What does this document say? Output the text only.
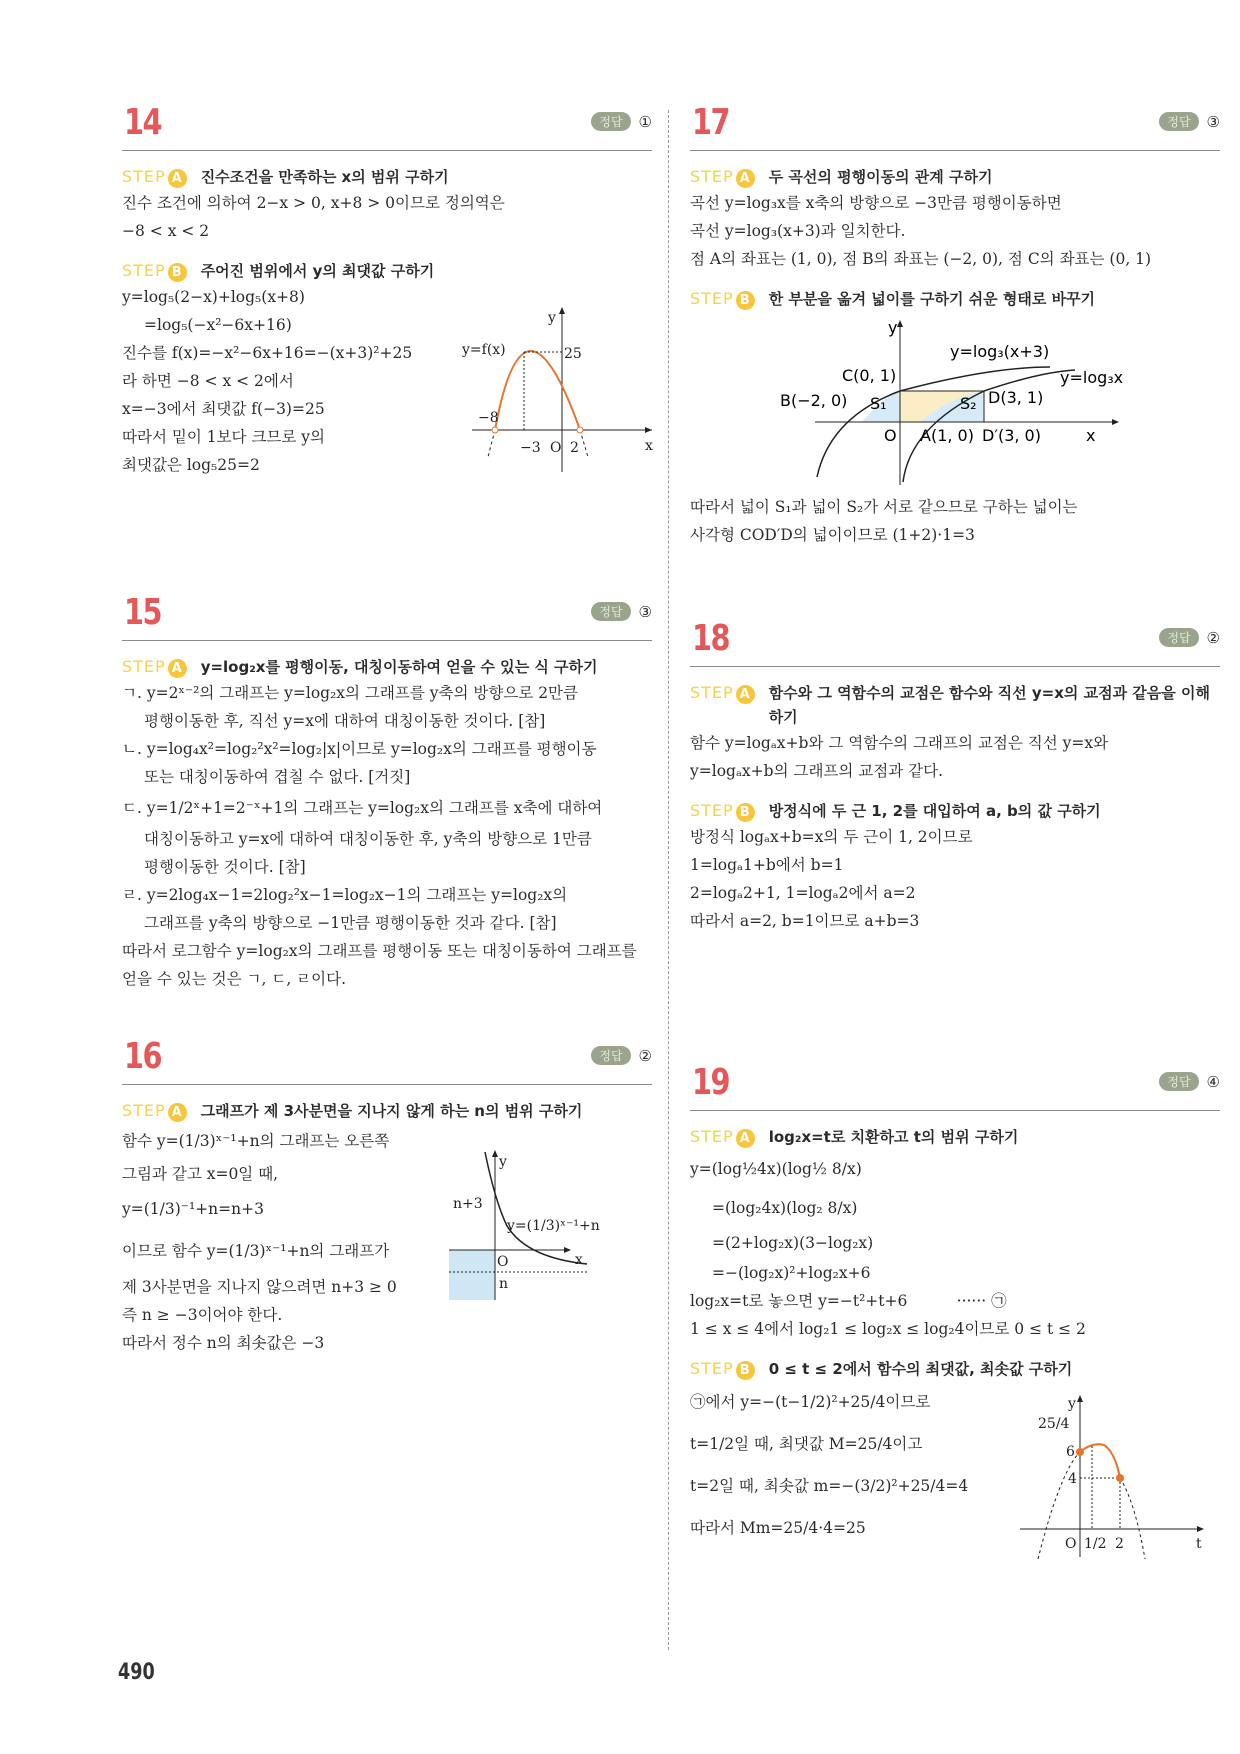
14	정답	①
STEP A 진수조건을 만족하는 x의 범위 구하기
진수 조건에 의하여 2−x > 0, x+8 > 0이므로 정의역은
−8 < x < 2
STEP B 주어진 범위에서 y의 최댓값 구하기
y=log₅(2−x)+log₅(x+8)
=log₅(−x²−6x+16)
진수를 f(x)=−x²−6x+16=−(x+3)²+25
라 하면 −8 < x < 2에서
x=−3에서 최댓값 f(−3)=25
따라서 밑이 1보다 크므로 y의
최댓값은 log₅25=2
y
x
y=f(x)	25
−8
−3 O 2
15	정답	③
STEP A y=log₂x를 평행이동, 대칭이동하여 얻을 수 있는 식 구하기
ㄱ. y=2ˣ⁻²의 그래프는 y=log₂x의 그래프를 y축의 방향으로 2만큼
평행이동한 후, 직선 y=x에 대하여 대칭이동한 것이다. [참]
ㄴ. y=log₄x²=log₂²x²=log₂|x|이므로 y=log₂x의 그래프를 평행이동
또는 대칭이동하여 겹칠 수 없다. [거짓]
ㄷ. y=1/2ˣ+1=2⁻ˣ+1의 그래프는 y=log₂x의 그래프를 x축에 대하여
대칭이동하고 y=x에 대하여 대칭이동한 후, y축의 방향으로 1만큼
평행이동한 것이다. [참]
ㄹ. y=2log₄x−1=2log₂²x−1=log₂x−1의 그래프는 y=log₂x의
그래프를 y축의 방향으로 −1만큼 평행이동한 것과 같다. [참]
따라서 로그함수 y=log₂x의 그래프를 평행이동 또는 대칭이동하여 그래프를
얻을 수 있는 것은 ㄱ, ㄷ, ㄹ이다.
16	정답	②
STEP A 그래프가 제 3사분면을 지나지 않게 하는 n의 범위 구하기
함수 y=(1/3)ˣ⁻¹+n의 그래프는 오른쪽
그림과 같고 x=0일 때,
y=(1/3)⁻¹+n=n+3
이므로 함수 y=(1/3)ˣ⁻¹+n의 그래프가
제 3사분면을 지나지 않으려면 n+3 ≥ 0
즉 n ≥ −3이어야 한다.
따라서 정수 n의 최솟값은 −3
y
x
n+3
y=(1/3)ˣ⁻¹+n
O
n
17	정답	③
STEP A 두 곡선의 평행이동의 관계 구하기
곡선 y=log₃x를 x축의 방향으로 −3만큼 평행이동하면
곡선 y=log₃(x+3)과 일치한다.
점 A의 좌표는 (1, 0), 점 B의 좌표는 (−2, 0), 점 C의 좌표는 (0, 1)
STEP B 한 부분을 옮겨 넓이를 구하기 쉬운 형태로 바꾸기
y
x
y=log₃(x+3)
y=log₃x
C(0, 1)
B(−2, 0) S₁	S₂ D(3, 1)
O A(1, 0) D′(3, 0)
따라서 넓이 S₁과 넓이 S₂가 서로 같으므로 구하는 넓이는
사각형 COD′D의 넓이이므로 (1+2)·1=3
18	정답	②
STEP A 함수와 그 역함수의 교점은 함수와 직선 y=x의 교점과 같음을 이해하기
함수 y=logₐx+b와 그 역함수의 그래프의 교점은 직선 y=x와
y=logₐx+b의 그래프의 교점과 같다.
STEP B 방정식에 두 근 1, 2를 대입하여 a, b의 값 구하기
방정식 logₐx+b=x의 두 근이 1, 2이므로
1=logₐ1+b에서 b=1
2=logₐ2+1, 1=logₐ2에서 a=2
따라서 a=2, b=1이므로 a+b=3
19	정답	④
STEP A log₂x=t로 치환하고 t의 범위 구하기
y=(log½4x)(log½ 8/x)
=(log₂4x)(log₂ 8/x)
=(2+log₂x)(3−log₂x)
=−(log₂x)²+log₂x+6
log₂x=t로 놓으면 y=−t²+t+6          ······ ㉠
1 ≤ x ≤ 4에서 log₂1 ≤ log₂x ≤ log₂4이므로 0 ≤ t ≤ 2
STEP B 0 ≤ t ≤ 2에서 함수의 최댓값, 최솟값 구하기
㉠에서 y=−(t−1/2)²+25/4이므로
t=1/2일 때, 최댓값 M=25/4이고
t=2일 때, 최솟값 m=−(3/2)²+25/4=4
따라서 Mm=25/4·4=25
y
t
25/4
6
4
O 1/2 2
490
